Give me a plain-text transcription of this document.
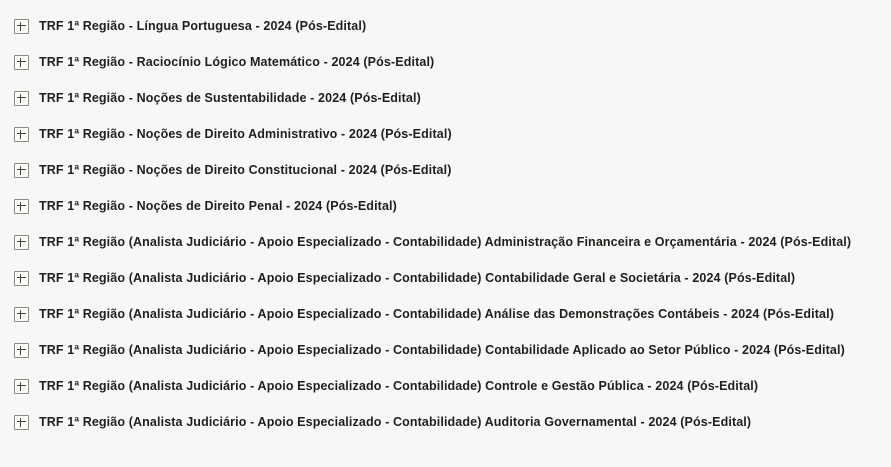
TRF 1ª Região - Língua Portuguesa - 2024 (Pós-Edital)
TRF 1ª Região - Raciocínio Lógico Matemático - 2024 (Pós-Edital)
TRF 1ª Região - Noções de Sustentabilidade - 2024 (Pós-Edital)
TRF 1ª Região - Noções de Direito Administrativo - 2024 (Pós-Edital)
TRF 1ª Região - Noções de Direito Constitucional - 2024 (Pós-Edital)
TRF 1ª Região - Noções de Direito Penal - 2024 (Pós-Edital)
TRF 1ª Região (Analista Judiciário - Apoio Especializado - Contabilidade) Administração Financeira e Orçamentária - 2024 (Pós-Edital)
TRF 1ª Região (Analista Judiciário - Apoio Especializado - Contabilidade) Contabilidade Geral e Societária - 2024 (Pós-Edital)
TRF 1ª Região (Analista Judiciário - Apoio Especializado - Contabilidade) Análise das Demonstrações Contábeis - 2024 (Pós-Edital)
TRF 1ª Região (Analista Judiciário - Apoio Especializado - Contabilidade) Contabilidade Aplicado ao Setor Público - 2024 (Pós-Edital)
TRF 1ª Região (Analista Judiciário - Apoio Especializado - Contabilidade) Controle e Gestão Pública - 2024 (Pós-Edital)
TRF 1ª Região (Analista Judiciário - Apoio Especializado - Contabilidade) Auditoria Governamental - 2024 (Pós-Edital)
